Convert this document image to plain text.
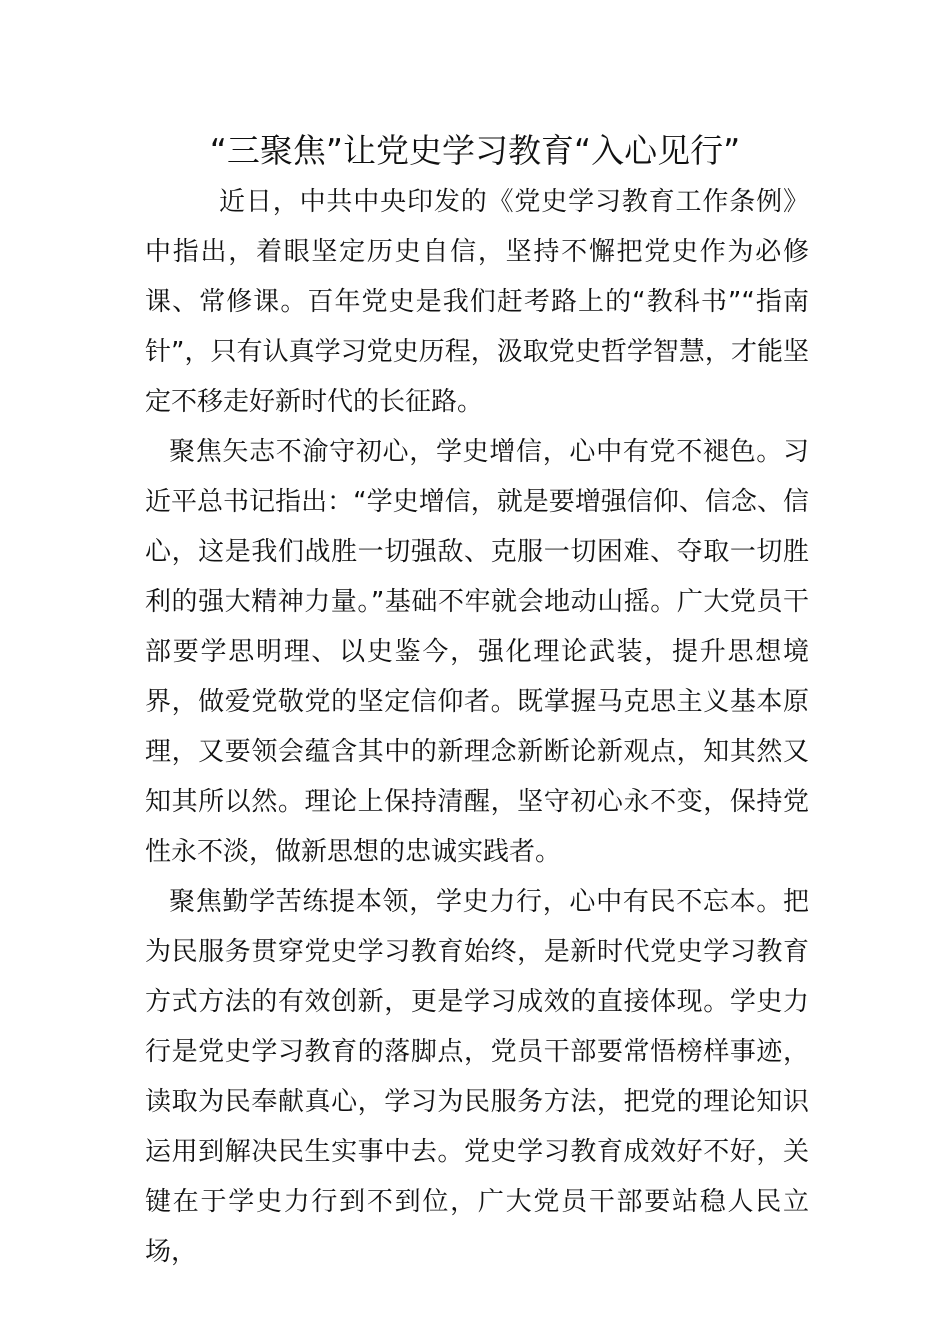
“三聚焦”让党史学习教育“入心见行”

近日，中共中央印发的《党史学习教育工作条例》中指出，着眼坚定历史自信，坚持不懈把党史作为必修课、常修课。百年党史是我们赶考路上的“教科书”“指南针”，只有认真学习党史历程，汲取党史哲学智慧，才能坚定不移走好新时代的长征路。

聚焦矢志不渝守初心，学史增信，心中有党不褪色。习近平总书记指出：“学史增信，就是要增强信仰、信念、信心，这是我们战胜一切强敌、克服一切困难、夺取一切胜利的强大精神力量。”基础不牢就会地动山摇。广大党员干部要学思明理、以史鉴今，强化理论武装，提升思想境界，做爱党敬党的坚定信仰者。既掌握马克思主义基本原理，又要领会蕴含其中的新理念新断论新观点，知其然又知其所以然。理论上保持清醒，坚守初心永不变，保持党性永不淡，做新思想的忠诚实践者。

聚焦勤学苦练提本领，学史力行，心中有民不忘本。把为民服务贯穿党史学习教育始终，是新时代党史学习教育方式方法的有效创新，更是学习成效的直接体现。学史力行是党史学习教育的落脚点，党员干部要常悟榜样事迹，读取为民奉献真心，学习为民服务方法，把党的理论知识运用到解决民生实事中去。党史学习教育成效好不好，关键在于学史力行到不到位，广大党员干部要站稳人民立场，
